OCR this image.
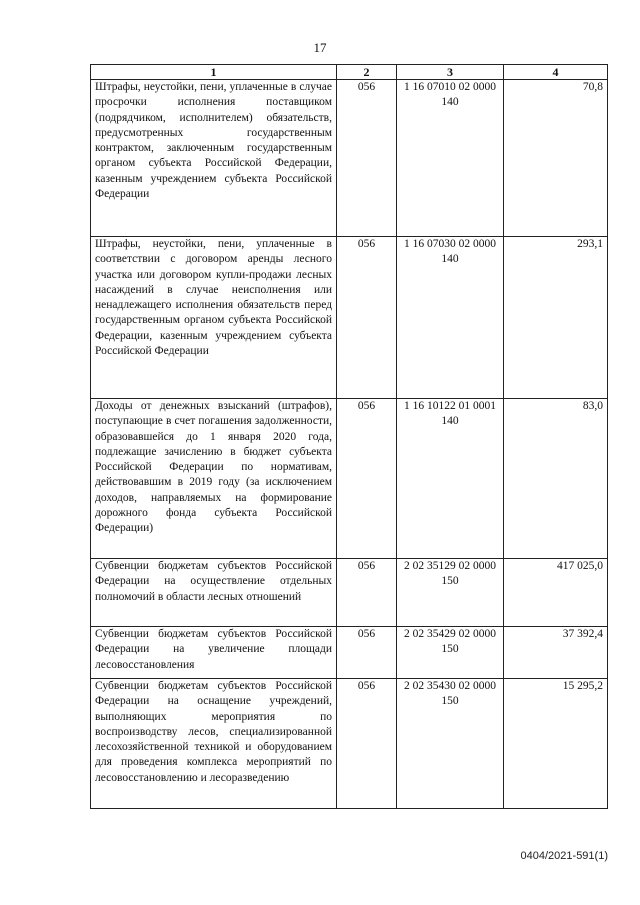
17
1	2	3	4
Штрафы, неустойки, пени, уплаченные в случае просрочки исполнения поставщиком (подрядчиком, исполнителем) обязательств, предусмотренных государственным контрактом, заключенным государственным органом субъекта Российской Федерации, казенным учреждением субъекта Российской Федерации	056	1 16 07010 02 0000 140	70,8
Штрафы, неустойки, пени, уплаченные в соответствии с договором аренды лесного участка или договором купли-продажи лесных насаждений в случае неисполнения или ненадлежащего исполнения обязательств перед государственным органом субъекта Российской Федерации, казенным учреждением субъекта Российской Федерации	056	1 16 07030 02 0000 140	293,1
Доходы от денежных взысканий (штрафов), поступающие в счет погашения задолженности, образовавшейся до 1 января 2020 года, подлежащие зачислению в бюджет субъекта Российской Федерации по нормативам, действовавшим в 2019 году (за исключением доходов, направляемых на формирование дорожного фонда субъекта Российской Федерации)	056	1 16 10122 01 0001 140	83,0
Субвенции бюджетам субъектов Российской Федерации на осуществление отдельных полномочий в области лесных отношений	056	2 02 35129 02 0000 150	417 025,0
Субвенции бюджетам субъектов Российской Федерации на увеличение площади лесовосстановления	056	2 02 35429 02 0000 150	37 392,4
Субвенции бюджетам субъектов Российской Федерации на оснащение учреждений, выполняющих мероприятия по воспроизводству лесов, специализированной лесохозяйственной техникой и оборудованием для проведения комплекса мероприятий по лесовосстановлению и лесоразведению	056	2 02 35430 02 0000 150	15 295,2
0404/2021-591(1)
